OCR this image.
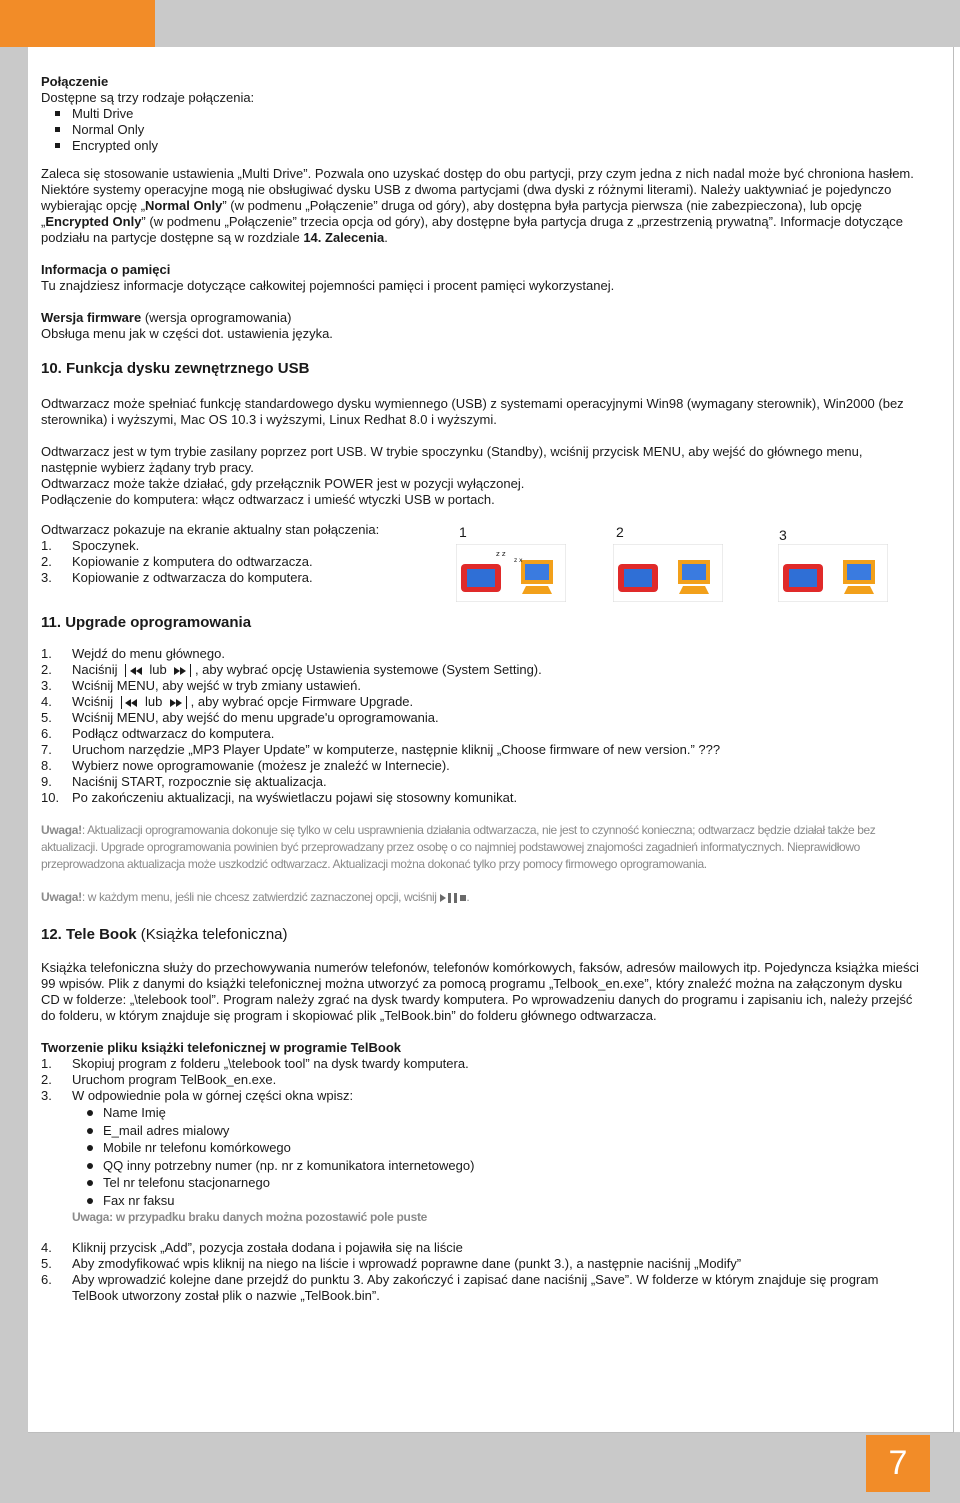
7

Połączenie

Dostępne są trzy rodzaje połączenia:

Multi Drive
Normal Only
Encrypted only

Zaleca się stosowanie ustawienia „Multi Drive”. Pozwala ono uzyskać dostęp do obu partycji, przy czym jedna z nich nadal może być chroniona hasłem.

Niektóre systemy operacyjne mogą nie obsługiwać dysku USB z dwoma partycjami (dwa dyski z różnymi literami). Należy uaktywniać je pojedynczo wybierając opcję „Normal Only” (w podmenu „Połączenie” druga od góry), aby dostępna była partycja pierwsza (nie zabezpieczona), lub opcję „Encrypted Only” (w podmenu „Połączenie” trzecia opcja od góry), aby dostępne była partycja druga z „przestrzenią prywatną”. Informacje dotyczące podziału na partycje dostępne są w rozdziale 14. Zalecenia.

Informacja o pamięci

Tu znajdziesz informacje dotyczące całkowitej pojemności pamięci i procent pamięci wykorzystanej.

Wersja firmware (wersja oprogramowania)

Obsługa menu jak w części dot. ustawienia języka.

10. Funkcja dysku zewnętrznego USB

Odtwarzacz może spełniać funkcję standardowego dysku wymiennego (USB) z systemami operacyjnymi Win98 (wymagany sterownik), Win2000 (bez sterownika) i wyższymi, Mac OS 10.3 i wyższymi, Linux Redhat 8.0 i wyższymi.

Odtwarzacz jest w tym trybie zasilany poprzez port USB. W trybie spoczynku (Standby), wciśnij przycisk MENU, aby wejść do głównego menu, następnie wybierz żądany tryb pracy.

Odtwarzacz może także działać, gdy przełącznik POWER jest w pozycji wyłączonej.

Podłączenie do komputera: włącz odtwarzacz i umieść wtyczki USB w portach.

Odtwarzacz pokazuje na ekranie aktualny stan połączenia:

1.	Spoczynek.
2.	Kopiowanie z komputera do odtwarzacza.
3.	Kopiowanie z odtwarzacza do komputera.
1	2	3
z z
z x

11. Upgrade oprogramowania

1.	Wejdź do menu głównego.
2.	Naciśnij   lub  , aby wybrać opcję Ustawienia systemowe (System Setting).
3.	Wciśnij MENU, aby wejść w tryb zmiany ustawień.
4.	Wciśnij   lub  , aby wybrać opcje Firmware Upgrade.
5.	Wciśnij MENU, aby wejść do menu upgrade'u oprogramowania.
6.	Podłącz odtwarzacz do komputera.
7.	Uruchom narzędzie „MP3 Player Update” w komputerze, następnie kliknij „Choose firmware of new version.” ???
8.	Wybierz nowe oprogramowanie (możesz je znaleźć w Internecie).
9.	Naciśnij START, rozpocznie się aktualizacja.
10. Po zakończeniu aktualizacji, na wyświetlaczu pojawi się stosowny komunikat.

Uwaga!: Aktualizacji oprogramowania dokonuje się tylko w celu usprawnienia działania odtwarzacza, nie jest to czynność konieczna; odtwarzacz będzie działał także bez aktualizacji. Upgrade oprogramowania powinien być przeprowadzany przez osobę o co najmniej podstawowej znajomości zagadnień informatycznych. Nieprawidłowo przeprowadzona aktualizacja może uszkodzić odtwarzacz. Aktualizacji można dokonać tylko przy pomocy firmowego oprogramowania.

Uwaga!: w każdym menu, jeśli nie chcesz zatwierdzić zaznaczonej opcji, wciśnij    .

12. Tele Book (Książka telefoniczna)

Książka telefoniczna służy do przechowywania numerów telefonów, telefonów komórkowych, faksów, adresów mailowych itp. Pojedyncza książka mieści 99 wpisów. Plik z danymi do książki telefonicznej można utworzyć za pomocą programu „Telbook_en.exe”, który znaleźć można na załączonym dysku CD w folderze: „\telebook tool”. Program należy zgrać na dysk twardy komputera. Po wprowadzeniu danych do programu i zapisaniu ich, należy przejść do folderu, w którym znajduje się program i skopiować plik „TelBook.bin” do folderu głównego odtwarzacza.

Tworzenie pliku książki telefonicznej w programie TelBook

1.	Skopiuj program z folderu „\telebook tool” na dysk twardy komputera.
2.	Uruchom program TelBook_en.exe.
3.	W odpowiednie pola w górnej części okna wpisz:
Name Imię
E_mail adres mialowy
Mobile nr telefonu komórkowego
QQ inny potrzebny numer (np. nr z komunikatora internetowego)
Tel nr telefonu stacjonarnego
Fax nr faksu

Uwaga: w przypadku braku danych można pozostawić pole puste

4.	Kliknij przycisk „Add”, pozycja została dodana i pojawiła się na liście
5.	Aby zmodyfikować wpis kliknij na niego na liście i wprowadź poprawne dane (punkt 3.), a następnie naciśnij „Modify”
6.	Aby wprowadzić kolejne dane przejdź do punktu 3. Aby zakończyć i zapisać dane naciśnij „Save”. W folderze w którym znajduje się program TelBook utworzony został plik o nazwie „TelBook.bin”.
